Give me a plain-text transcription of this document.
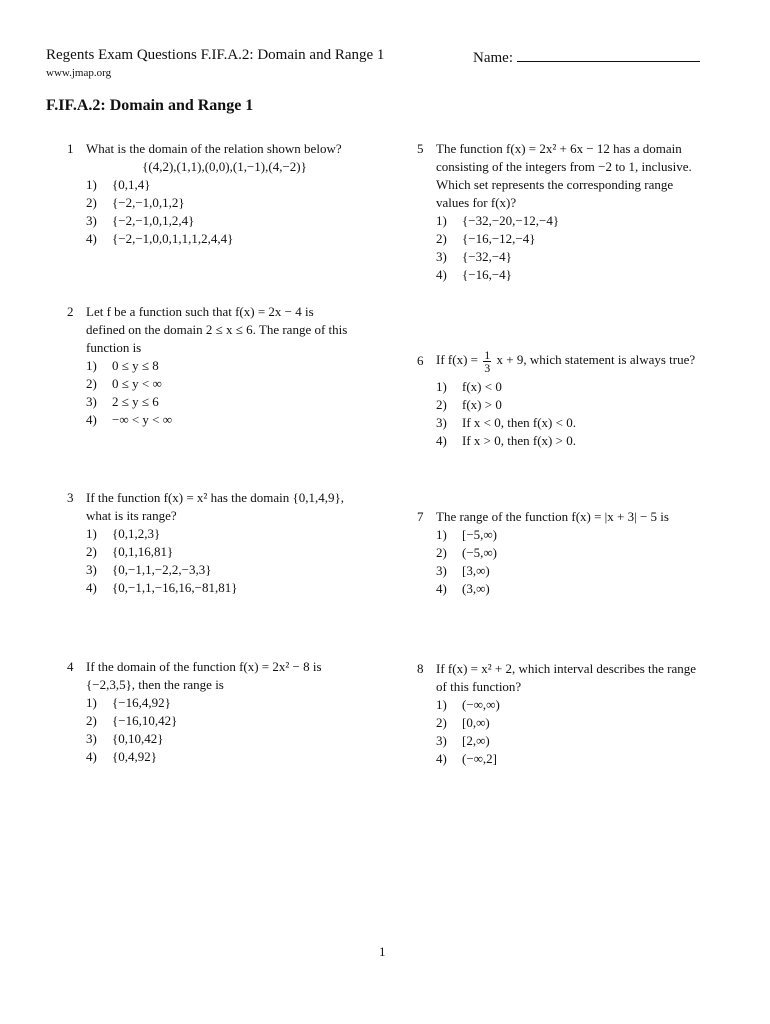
Regents Exam Questions F.IF.A.2: Domain and Range 1
www.jmap.org
Name:
F.IF.A.2: Domain and Range 1
1 What is the domain of the relation shown below?
{(4,2),(1,1),(0,0),(1,−1),(4,−2)}
1) {0,1,4}
2) {−2,−1,0,1,2}
3) {−2,−1,0,1,2,4}
4) {−2,−1,0,0,1,1,1,2,4,4}
2 Let f be a function such that f(x) = 2x − 4 is
defined on the domain 2 ≤ x ≤ 6. The range of this
function is
1) 0 ≤ y ≤ 8
2) 0 ≤ y < ∞
3) 2 ≤ y ≤ 6
4) −∞ < y < ∞
3 If the function f(x) = x² has the domain {0,1,4,9},
what is its range?
1) {0,1,2,3}
2) {0,1,16,81}
3) {0,−1,1,−2,2,−3,3}
4) {0,−1,1,−16,16,−81,81}
4 If the domain of the function f(x) = 2x² − 8 is
{−2,3,5}, then the range is
1) {−16,4,92}
2) {−16,10,42}
3) {0,10,42}
4) {0,4,92}
5 The function f(x) = 2x² + 6x − 12 has a domain
consisting of the integers from −2 to 1, inclusive.
Which set represents the corresponding range
values for f(x)?
1) {−32,−20,−12,−4}
2) {−16,−12,−4}
3) {−32,−4}
4) {−16,−4}
6 If $f(x) = \frac{1}{3}$ x + 9, which statement is always true?
1) f(x) < 0
2) f(x) > 0
3) If x < 0, then f(x) < 0.
4) If x > 0, then f(x) > 0.
7 The range of the function f(x) = |x + 3| − 5 is
1) [−5,∞)
2) (−5,∞)
3) [3,∞)
4) (3,∞)
8 If f(x) = x² + 2, which interval describes the range
of this function?
1) (−∞,∞)
2) [0,∞)
3) [2,∞)
4) (−∞,2]
1
